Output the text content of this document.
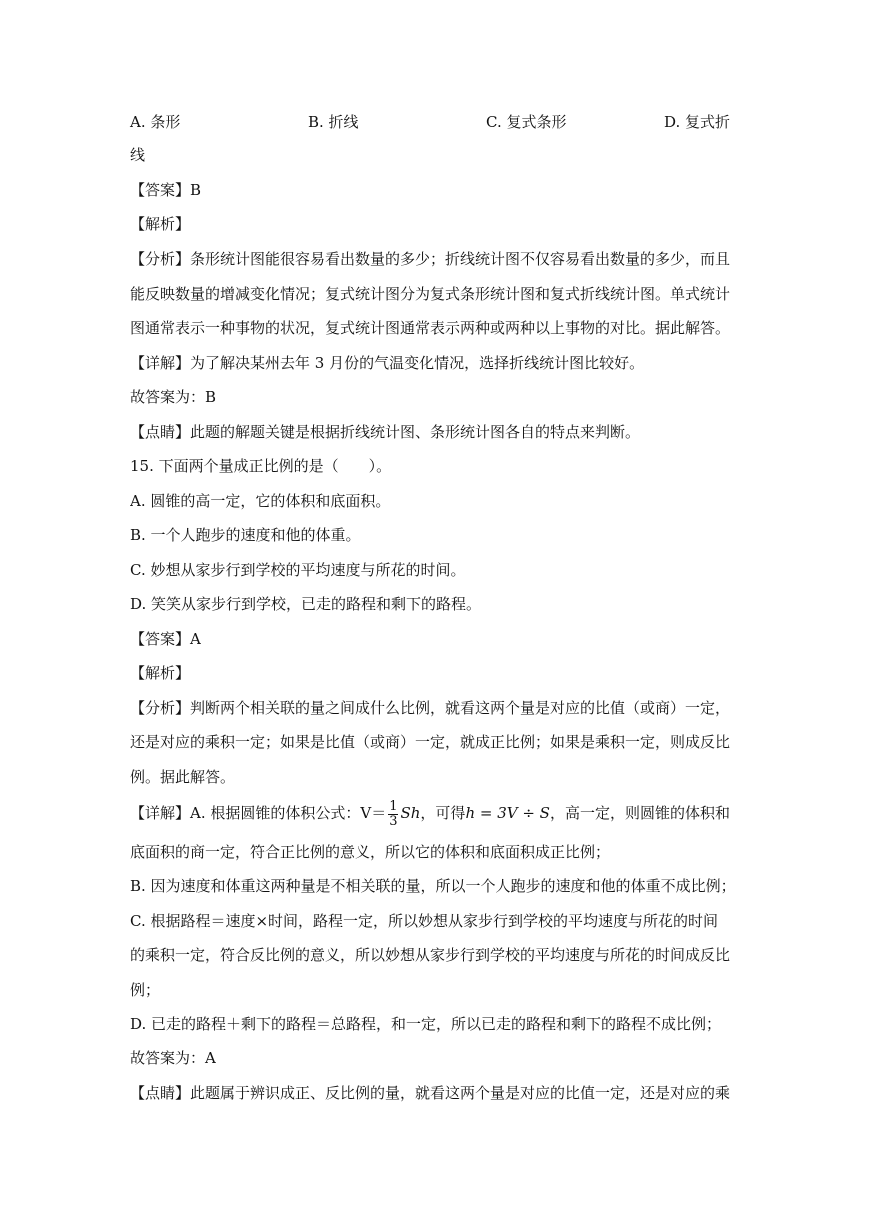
A. 条形	B. 折线	C. 复式条形	D. 复式折
线
【答案】B
【解析】
【分析】条形统计图能很容易看出数量的多少；折线统计图不仅容易看出数量的多少，而且
能反映数量的增减变化情况；复式统计图分为复式条形统计图和复式折线统计图。单式统计
图通常表示一种事物的状况，复式统计图通常表示两种或两种以上事物的对比。据此解答。
【详解】为了解决某州去年 3 月份的气温变化情况，选择折线统计图比较好。
故答案为：B
【点睛】此题的解题关键是根据折线统计图、条形统计图各自的特点来判断。
15. 下面两个量成正比例的是（　　）。
A. 圆锥的高一定，它的体积和底面积。
B. 一个人跑步的速度和他的体重。
C. 妙想从家步行到学校的平均速度与所花的时间。
D. 笑笑从家步行到学校，已走的路程和剩下的路程。
【答案】A
【解析】
【分析】判断两个相关联的量之间成什么比例，就看这两个量是对应的比值（或商）一定，
还是对应的乘积一定；如果是比值（或商）一定，就成正比例；如果是乘积一定，则成反比
例。据此解答。
【详解】A. 根据圆锥的体积公式：$V= \frac{1}{3}$ Sh，可得h = 3V ÷ S，高一定，则圆锥的体积和
底面积的商一定，符合正比例的意义，所以它的体积和底面积成正比例；
B. 因为速度和体重这两种量是不相关联的量，所以一个人跑步的速度和他的体重不成比例；
C. 根据路程＝速度×时间，路程一定，所以妙想从家步行到学校的平均速度与所花的时间
的乘积一定，符合反比例的意义，所以妙想从家步行到学校的平均速度与所花的时间成反比
例；
D. 已走的路程＋剩下的路程＝总路程，和一定，所以已走的路程和剩下的路程不成比例；
故答案为：A
【点睛】此题属于辨识成正、反比例的量，就看这两个量是对应的比值一定，还是对应的乘
